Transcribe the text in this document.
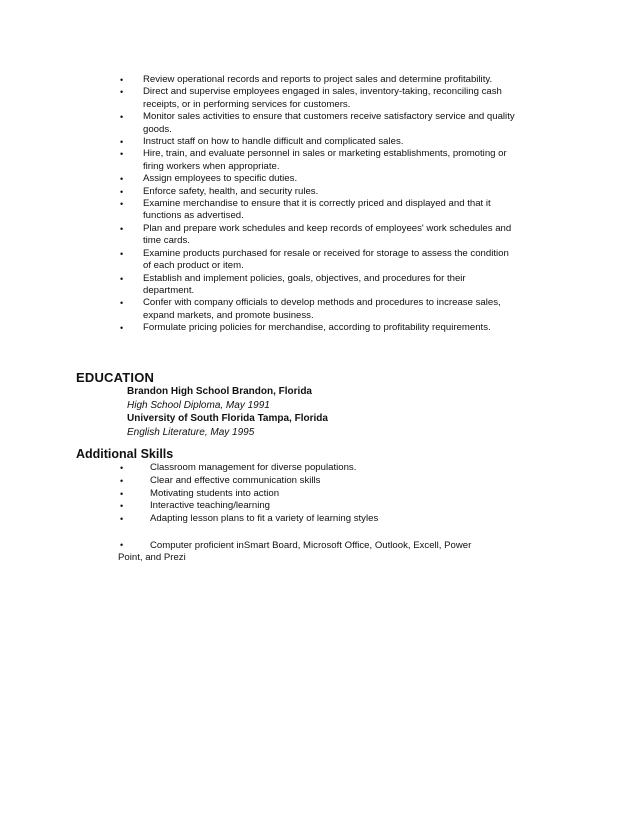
• Review operational records and reports to project sales and determine profitability.
• Direct and supervise employees engaged in sales, inventory-taking, reconciling cash receipts, or in performing services for customers.
• Monitor sales activities to ensure that customers receive satisfactory service and quality goods.
• Instruct staff on how to handle difficult and complicated sales.
• Hire, train, and evaluate personnel in sales or marketing establishments, promoting or firing workers when appropriate.
• Assign employees to specific duties.
• Enforce safety, health, and security rules.
• Examine merchandise to ensure that it is correctly priced and displayed and that it functions as advertised.
• Plan and prepare work schedules and keep records of employees' work schedules and time cards.
• Examine products purchased for resale or received for storage to assess the condition of each product or item.
• Establish and implement policies, goals, objectives, and procedures for their department.
• Confer with company officials to develop methods and procedures to increase sales, expand markets, and promote business.
• Formulate pricing policies for merchandise, according to profitability requirements.
EDUCATION
Brandon High School Brandon, Florida
High School Diploma, May 1991
University of South Florida Tampa, Florida
English Literature, May 1995
Additional Skills
•	Classroom management for diverse populations.
•	Clear and effective communication skills
•	Motivating students into action
•	Interactive teaching/learning
•	Adapting lesson plans to fit a variety of learning styles
•	Computer proficient inSmart Board, Microsoft Office, Outlook, Excell, Power
Point, and Prezi
